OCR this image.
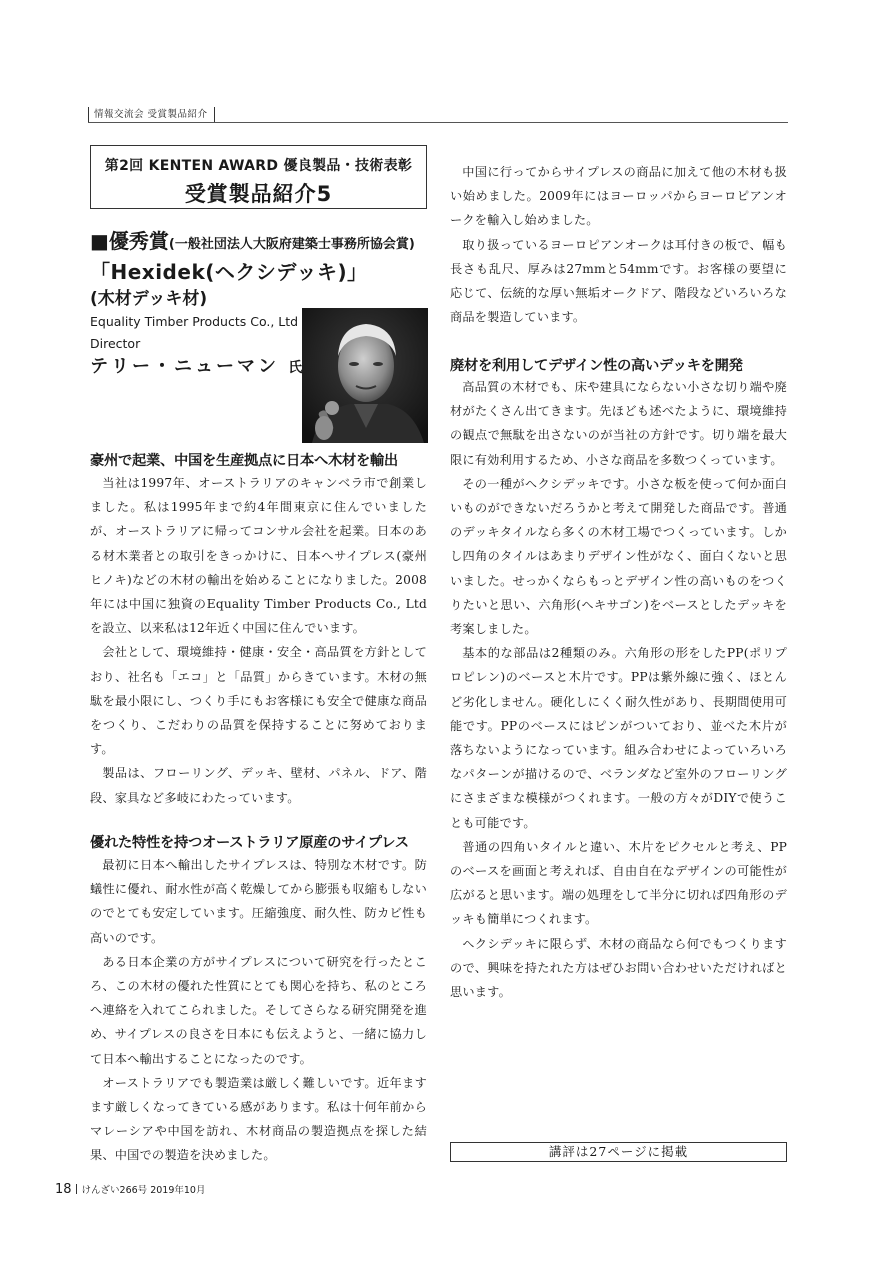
情報交流会 受賞製品紹介
第2回 KENTEN AWARD 優良製品・技術表彰
受賞製品紹介5
■優秀賞(一般社団法人大阪府建築士事務所協会賞)
「Hexidek(ヘクシデッキ)」
(木材デッキ材)
Equality Timber Products Co., Ltd
Director
テリー・ニューマン 氏
豪州で起業、中国を生産拠点に日本へ木材を輸出

当社は1997年、オーストラリアのキャンベラ市で創業しました。私は1995年まで約4年間東京に住んでいましたが、オーストラリアに帰ってコンサル会社を起業。日本のある材木業者との取引をきっかけに、日本へサイプレス(豪州ヒノキ)などの木材の輸出を始めることになりました。2008年には中国に独資のEquality Timber Products Co., Ltdを設立、以来私は12年近く中国に住んでいます。

会社として、環境維持・健康・安全・高品質を方針としており、社名も「エコ」と「品質」からきています。木材の無駄を最小限にし、つくり手にもお客様にも安全で健康な商品をつくり、こだわりの品質を保持することに努めております。

製品は、フローリング、デッキ、壁材、パネル、ドア、階段、家具など多岐にわたっています。

優れた特性を持つオーストラリア原産のサイプレス

最初に日本へ輸出したサイプレスは、特別な木材です。防蟻性に優れ、耐水性が高く乾燥してから膨張も収縮もしないのでとても安定しています。圧縮強度、耐久性、防カビ性も高いのです。

ある日本企業の方がサイプレスについて研究を行ったところ、この木材の優れた性質にとても関心を持ち、私のところへ連絡を入れてこられました。そしてさらなる研究開発を進め、サイプレスの良さを日本にも伝えようと、一緒に協力して日本へ輸出することになったのです。

オーストラリアでも製造業は厳しく難しいです。近年ますます厳しくなってきている感があります。私は十何年前からマレーシアや中国を訪れ、木材商品の製造拠点を探した結果、中国での製造を決めました。

中国に行ってからサイプレスの商品に加えて他の木材も扱い始めました。2009年にはヨーロッパからヨーロピアンオークを輸入し始めました。

取り扱っているヨーロピアンオークは耳付きの板で、幅も長さも乱尺、厚みは27mmと54mmです。お客様の要望に応じて、伝統的な厚い無垢オークドア、階段などいろいろな商品を製造しています。

廃材を利用してデザイン性の高いデッキを開発

高品質の木材でも、床や建具にならない小さな切り端や廃材がたくさん出てきます。先ほども述べたように、環境維持の観点で無駄を出さないのが当社の方針です。切り端を最大限に有効利用するため、小さな商品を多数つくっています。

その一種がヘクシデッキです。小さな板を使って何か面白いものができないだろうかと考えて開発した商品です。普通のデッキタイルなら多くの木材工場でつくっています。しかし四角のタイルはあまりデザイン性がなく、面白くないと思いました。せっかくならもっとデザイン性の高いものをつくりたいと思い、六角形(ヘキサゴン)をベースとしたデッキを考案しました。

基本的な部品は2種類のみ。六角形の形をしたPP(ポリプロピレン)のベースと木片です。PPは紫外線に強く、ほとんど劣化しません。硬化しにくく耐久性があり、長期間使用可能です。PPのベースにはピンがついており、並べた木片が落ちないようになっています。組み合わせによっていろいろなパターンが描けるので、ベランダなど室外のフローリングにさまざまな模様がつくれます。一般の方々がDIYで使うことも可能です。

普通の四角いタイルと違い、木片をピクセルと考え、PPのベースを画面と考えれば、自由自在なデザインの可能性が広がると思います。端の処理をして半分に切れば四角形のデッキも簡単につくれます。

ヘクシデッキに限らず、木材の商品なら何でもつくりますので、興味を持たれた方はぜひお問い合わせいただければと思います。

講評は27ページに掲載
18 けんざい266号 2019年10月
